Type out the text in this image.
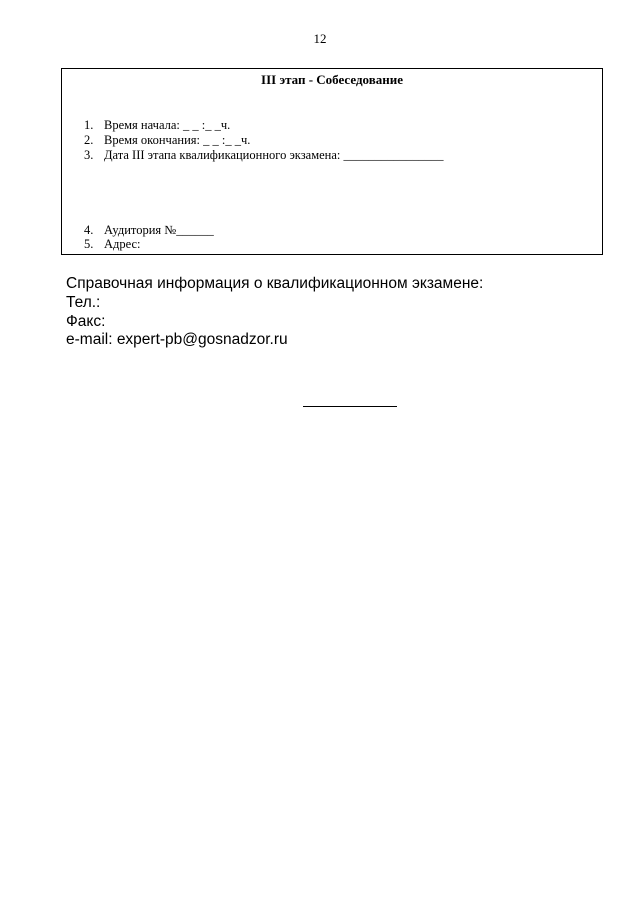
12
III этап - Собеседование
1. Время начала: _ _ :_ _ч.
2. Время окончания: _ _ :_ _ч.
3. Дата III этапа квалификационного экзамена: ________________
4. Аудитория №______
5. Адрес:
Справочная информация о квалификационном экзамене:
Тел.:
Факс:
e-mail: expert-pb@gosnadzor.ru
